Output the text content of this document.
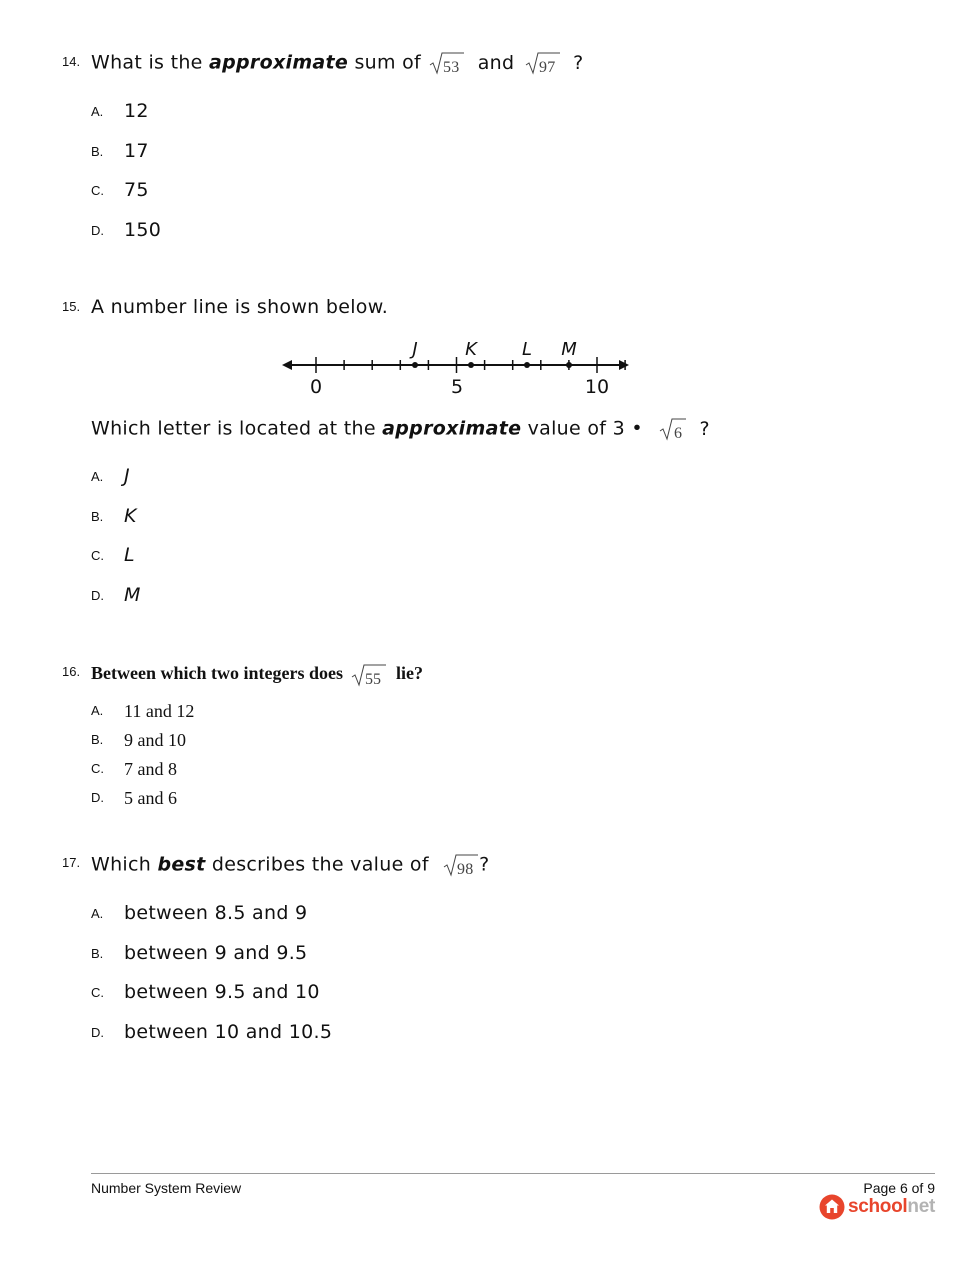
14. What is the approximate sum of 53 and 97 ?
A. 12
B. 17
C. 75
D. 150
15. A number line is shown below.
J	K	L M
0	5	10
Which letter is located at the approximate value of 3 • 6 ?
A. J
B. K
C. L
D. M
16. Between which two integers does 55 lie?
A. 11 and 12
B. 9 and 10
C. 7 and 8
D. 5 and 6
17. Which best describes the value of 98 ?
A. between 8.5 and 9
B. between 9 and 9.5
C. between 9.5 and 10
D. between 10 and 10.5
Number System Review	Page 6 of 9
schoolnet
